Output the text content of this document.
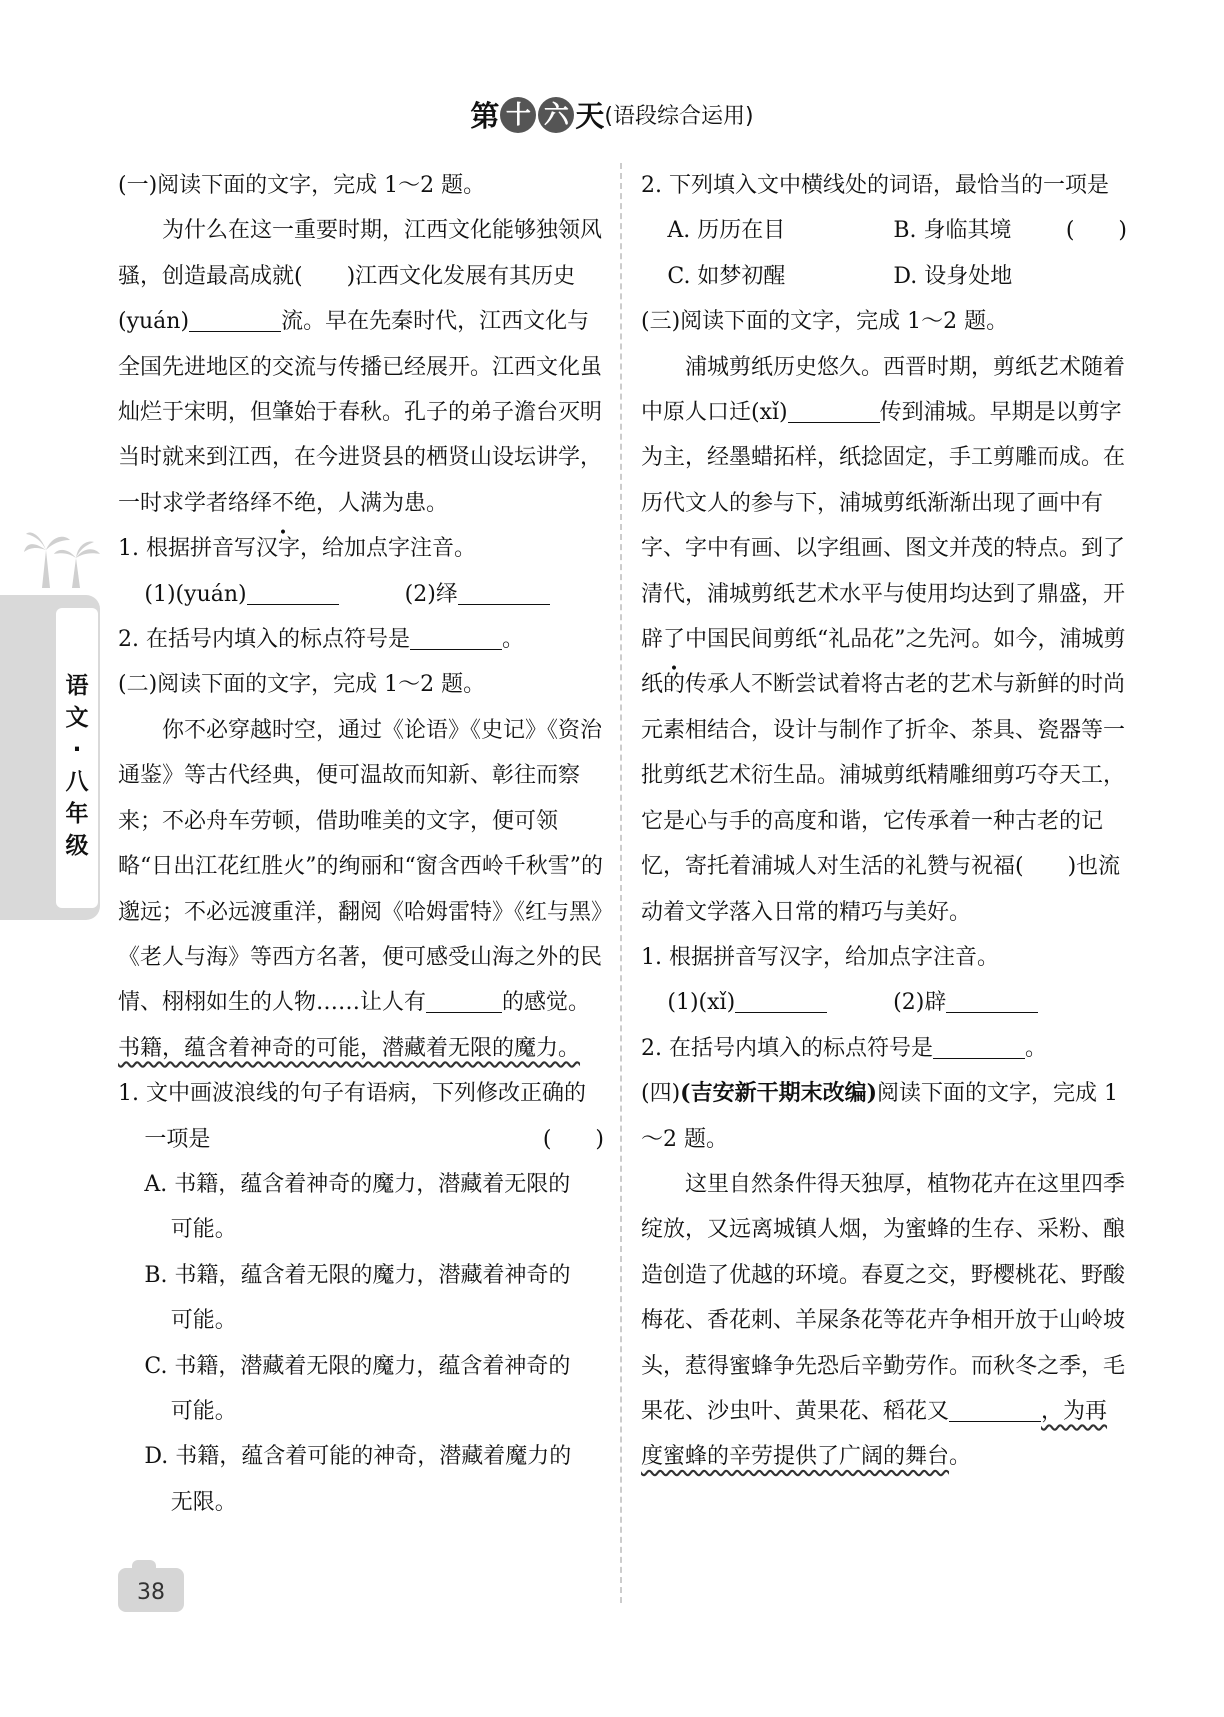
第 十 六 天(语段综合运用)
语
文
·
八
年
级

(一)阅读下面的文字，完成 1～2 题。

为什么在这一重要时期，江西文化能够独领风骚，创造最高成就(　　)江西文化发展有其历史(yuán)	流。早在先秦时代，江西文化与全国先进地区的交流与传播已经展开。江西文化虽灿烂于宋明，但肇始于春秋。孔子的弟子澹台灭明当时就来到江西，在今进贤县的栖贤山设坛讲学，一时求学者络绎不绝，人满为患。

1. 根据拼音写汉字，给加点字注音。

(1)(yuán)	(2)绎

2. 在括号内填入的标点符号是	。

(二)阅读下面的文字，完成 1～2 题。

你不必穿越时空，通过《论语》《史记》《资治通鉴》等古代经典，便可温故而知新、彰往而察来；不必舟车劳顿，借助唯美的文字，便可领略“日出江花红胜火”的绚丽和“窗含西岭千秋雪”的邈远；不必远渡重洋，翻阅《哈姆雷特》《红与黑》《老人与海》等西方名著，便可感受山海之外的民情、栩栩如生的人物……让人有	的感觉。书籍，蕴含着神奇的可能，潜藏着无限的魔力。

1. 文中画波浪线的句子有语病，下列修改正确的一项是	(　　)

A. 书籍，蕴含着神奇的魔力，潜藏着无限的

可能。

B. 书籍，蕴含着无限的魔力，潜藏着神奇的

可能。

C. 书籍，潜藏着无限的魔力，蕴含着神奇的

可能。

D. 书籍，蕴含着可能的神奇，潜藏着魔力的

无限。

2. 下列填入文中横线处的词语，最恰当的一项是
(　　)

A. 历历在目	B. 身临其境

C. 如梦初醒	D. 设身处地

(三)阅读下面的文字，完成 1～2 题。

浦城剪纸历史悠久。西晋时期，剪纸艺术随着中原人口迁(xǐ)	传到浦城。早期是以剪字为主，经墨蜡拓样，纸捻固定，手工剪雕而成。在历代文人的参与下，浦城剪纸渐渐出现了画中有字、字中有画、以字组画、图文并茂的特点。到了清代，浦城剪纸艺术水平与使用均达到了鼎盛，开辟了中国民间剪纸“礼品花”之先河。如今，浦城剪纸的传承人不断尝试着将古老的艺术与新鲜的时尚元素相结合，设计与制作了折伞、茶具、瓷器等一批剪纸艺术衍生品。浦城剪纸精雕细剪巧夺天工，它是心与手的高度和谐，它传承着一种古老的记忆，寄托着浦城人对生活的礼赞与祝福(　　)也流动着文学落入日常的精巧与美好。

1. 根据拼音写汉字，给加点字注音。

(1)(xǐ)	(2)辟

2. 在括号内填入的标点符号是	。

(四)(吉安新干期末改编)阅读下面的文字，完成 1～2 题。

这里自然条件得天独厚，植物花卉在这里四季绽放，又远离城镇人烟，为蜜蜂的生存、采粉、酿造创造了优越的环境。春夏之交，野樱桃花、野酸梅花、香花刺、羊屎条花等花卉争相开放于山岭坡头，惹得蜜蜂争先恐后辛勤劳作。而秋冬之季，毛果花、沙虫叶、黄果花、稻花又	，为再度蜜蜂的辛劳提供了广阔的舞台。

38
